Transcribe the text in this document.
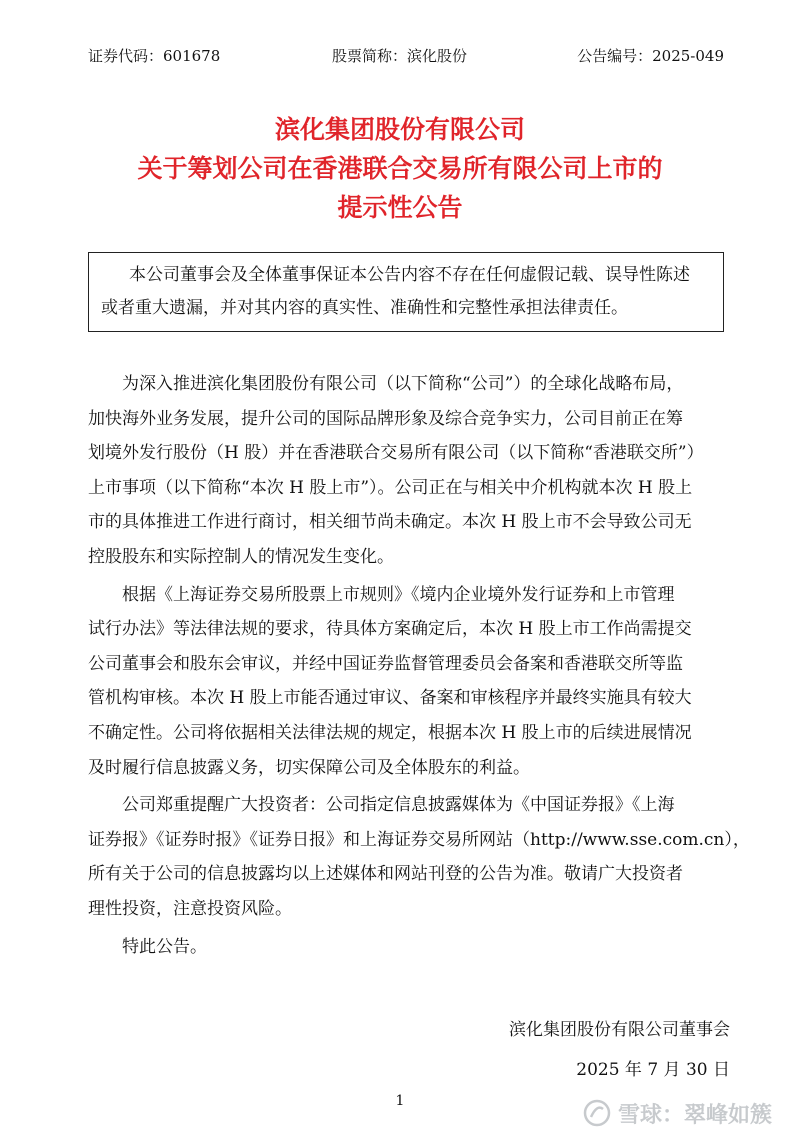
证券代码：601678	股票简称：滨化股份	公告编号：2025-049
滨化集团股份有限公司
关于筹划公司在香港联合交易所有限公司上市的
提示性公告

本公司董事会及全体董事保证本公告内容不存在任何虚假记载、误导性陈述

或者重大遗漏，并对其内容的真实性、准确性和完整性承担法律责任。

　　为深入推进滨化集团股份有限公司（以下简称“公司”）的全球化战略布局，
加快海外业务发展，提升公司的国际品牌形象及综合竞争实力，公司目前正在筹
划境外发行股份（H 股）并在香港联合交易所有限公司（以下简称“香港联交所”）
上市事项（以下简称“本次 H 股上市”）。公司正在与相关中介机构就本次 H 股上
市的具体推进工作进行商讨，相关细节尚未确定。本次 H 股上市不会导致公司无
控股股东和实际控制人的情况发生变化。

　　根据《上海证券交易所股票上市规则》《境内企业境外发行证券和上市管理
试行办法》等法律法规的要求，待具体方案确定后，本次 H 股上市工作尚需提交
公司董事会和股东会审议，并经中国证券监督管理委员会备案和香港联交所等监
管机构审核。本次 H 股上市能否通过审议、备案和审核程序并最终实施具有较大
不确定性。公司将依据相关法律法规的规定，根据本次 H 股上市的后续进展情况
及时履行信息披露义务，切实保障公司及全体股东的利益。

　　公司郑重提醒广大投资者：公司指定信息披露媒体为《中国证券报》《上海
证券报》《证券时报》《证券日报》和上海证券交易所网站（http://www.sse.com.cn），
所有关于公司的信息披露均以上述媒体和网站刊登的公告为准。敬请广大投资者
理性投资，注意投资风险。

　　特此公告。

滨化集团股份有限公司董事会
2025 年 7 月 30 日
1
雪球：翠峰如簇
